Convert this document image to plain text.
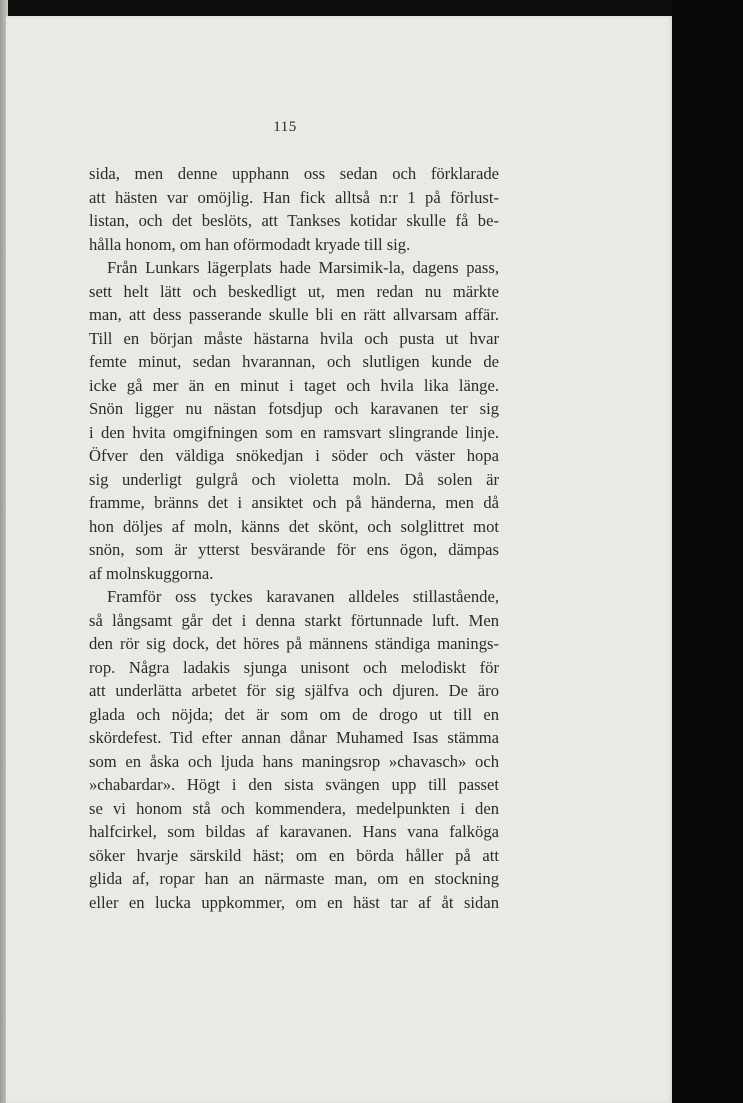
115
sida, men denne upphann oss sedan och förklarade
att hästen var omöjlig. Han fick alltså n:r 1 på förlust-
listan, och det beslöts, att Tankses kotidar skulle få be-
hålla honom, om han oförmodadt kryade till sig.
Från Lunkars lägerplats hade Marsimik-la, dagens pass,
sett helt lätt och beskedligt ut, men redan nu märkte
man, att dess passerande skulle bli en rätt allvarsam affär.
Till en början måste hästarna hvila och pusta ut hvar
femte minut, sedan hvarannan, och slutligen kunde de
icke gå mer än en minut i taget och hvila lika länge.
Snön ligger nu nästan fotsdjup och karavanen ter sig
i den hvita omgifningen som en ramsvart slingrande linje.
Öfver den väldiga snökedjan i söder och väster hopa
sig underligt gulgrå och violetta moln. Då solen är
framme, bränns det i ansiktet och på händerna, men då
hon döljes af moln, känns det skönt, och solglittret mot
snön, som är ytterst besvärande för ens ögon, dämpas
af molnskuggorna.
Framför oss tyckes karavanen alldeles stillastående,
så långsamt går det i denna starkt förtunnade luft. Men
den rör sig dock, det höres på männens ständiga manings-
rop. Några ladakis sjunga unisont och melodiskt för
att underlätta arbetet för sig själfva och djuren. De äro
glada och nöjda; det är som om de drogo ut till en
skördefest. Tid efter annan dånar Muhamed Isas stämma
som en åska och ljuda hans maningsrop »chavasch» och
»chabardar». Högt i den sista svängen upp till passet
se vi honom stå och kommendera, medelpunkten i den
halfcirkel, som bildas af karavanen. Hans vana falköga
söker hvarje särskild häst; om en börda håller på att
glida af, ropar han an närmaste man, om en stockning
eller en lucka uppkommer, om en häst tar af åt sidan
